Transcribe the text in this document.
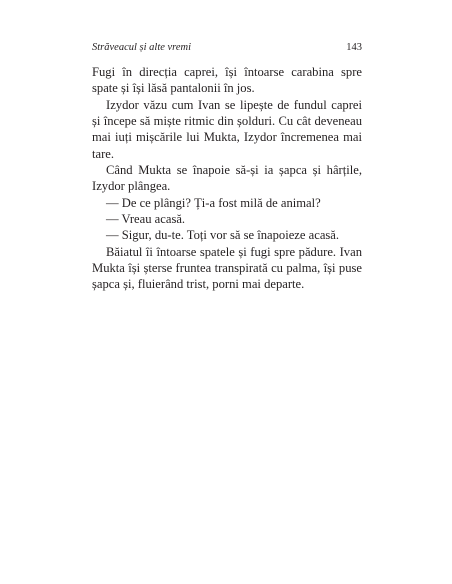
Străveacul și alte vremi	143

Fugi în direcția caprei, își întoarse carabina spre spate și își lăsă pantalonii în jos.

Izydor văzu cum Ivan se lipește de fundul caprei și începe să miște ritmic din șolduri. Cu cât deveneau mai iuți mișcările lui Mukta, Izydor încremenea mai tare.

Când Mukta se înapoie să-și ia șapca și hârțile, Izydor plângea.

— De ce plângi? Ți-a fost milă de animal?

— Vreau acasă.

— Sigur, du-te. Toți vor să se înapoieze acasă.

Băiatul îi întoarse spatele și fugi spre pădure. Ivan Mukta își șterse fruntea transpirată cu palma, își puse șapca și, fluierând trist, porni mai departe.
